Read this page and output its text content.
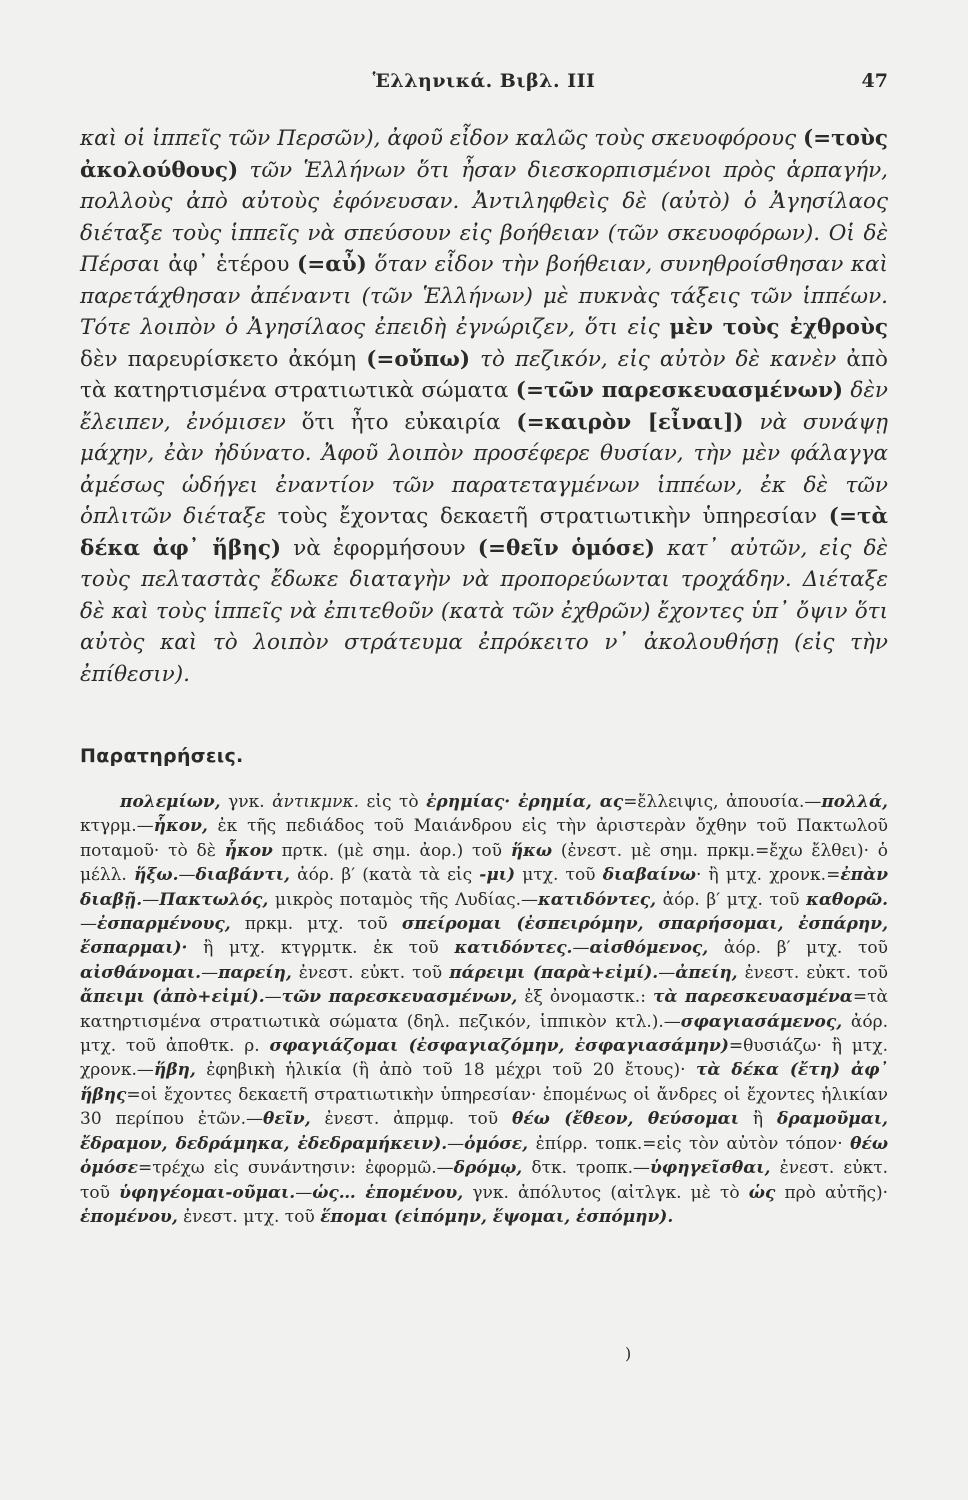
Ἑλληνικά. Βιβλ. ΙΙΙ	47
καὶ οἱ ἱππεῖς τῶν Περσῶν), ἀφοῦ εἶδον καλῶς τοὺς σκευοφόρους (=τοὺς ἀκολούθους) τῶν Ἑλλήνων ὅτι ἦσαν διεσκορπισμένοι πρὸς ἁρπαγήν, πολλοὺς ἀπὸ αὐτοὺς ἐφόνευσαν. Ἀντιληφθεὶς δὲ (αὐτὸ) ὁ Ἀγησίλαος διέταξε τοὺς ἱππεῖς νὰ σπεύσουν εἰς βοήθειαν (τῶν σκευοφόρων). Οἱ δὲ Πέρσαι ἀφ᾿ ἑτέρου (=αὖ) ὅταν εἶδον τὴν βοήθειαν, συνηθροίσθησαν καὶ παρετάχθησαν ἀπέναντι (τῶν Ἑλλήνων) μὲ πυκνὰς τάξεις τῶν ἱππέων. Τότε λοιπὸν ὁ Ἀγησίλαος ἐπειδὴ ἐγνώριζεν, ὅτι εἰς μὲν τοὺς ἐχθροὺς δὲν παρευρίσκετο ἀκόμη (=οὔπω) τὸ πεζικόν, εἰς αὐτὸν δὲ κανὲν ἀπὸ τὰ κατηρτισμένα στρατιωτικὰ σώματα (=τῶν παρεσκευασμένων) δὲν ἔλειπεν, ἐνόμισεν ὅτι ἦτο εὐκαιρία (=καιρὸν [εἶναι]) νὰ συνάψῃ μάχην, ἐὰν ἠδύνατο. Ἀφοῦ λοιπὸν προσέφερε θυσίαν, τὴν μὲν φάλαγγα ἀμέσως ὡδήγει ἐναντίον τῶν παρατεταγμένων ἱππέων, ἐκ δὲ τῶν ὁπλιτῶν διέταξε τοὺς ἔχοντας δεκαετῆ στρατιωτικὴν ὑπηρεσίαν (=τὰ δέκα ἀφ᾿ ἥβης) νὰ ἐφορμήσουν (=θεῖν ὁμόσε) κατ᾿ αὐτῶν, εἰς δὲ τοὺς πελταστὰς ἔδωκε διαταγὴν νὰ προπορεύωνται τροχάδην. Διέταξε δὲ καὶ τοὺς ἱππεῖς νὰ ἐπιτεθοῦν (κατὰ τῶν ἐχθρῶν) ἔχοντες ὑπ᾿ ὄψιν ὅτι αὐτὸς καὶ τὸ λοιπὸν στράτευμα ἐπρόκειτο ν᾿ ἀκολουθήσῃ (εἰς τὴν ἐπίθεσιν).
Παρατηρήσεις.
πολεμίων, γνκ. ἀντικμνκ. εἰς τὸ ἐρημίας· ἐρημία, ας=ἔλλειψις, ἀπουσία.—πολλά, κτγρμ.—ἧκον, ἐκ τῆς πεδιάδος τοῦ Μαιάνδρου εἰς τὴν ἀριστερὰν ὄχθην τοῦ Πακτωλοῦ ποταμοῦ· τὸ δὲ ἧκον πρτκ. (μὲ σημ. ἀορ.) τοῦ ἥκω (ἐνεστ. μὲ σημ. πρκμ.=ἔχω ἔλθει)· ὁ μέλλ. ἥξω.—διαβάντι, ἀόρ. β′ (κατὰ τὰ εἰς -μι) μτχ. τοῦ διαβαίνω· ἢ μτχ. χρονκ.=ἐπὰν διαβῇ.—Πακτωλός, μικρὸς ποταμὸς τῆς Λυδίας.—κατιδόντες, ἀόρ. β′ μτχ. τοῦ καθορῶ.—ἐσπαρμένους, πρκμ. μτχ. τοῦ σπείρομαι (ἐσπειρόμην, σπαρήσομαι, ἐσπάρην, ἔσπαρμαι)· ἢ μτχ. κτγρμτκ. ἐκ τοῦ κατιδόντες.—αἰσθόμενος, ἀόρ. β′ μτχ. τοῦ αἰσθάνομαι.—παρείη, ἐνεστ. εὐκτ. τοῦ πάρειμι (παρὰ+εἰμί).—ἀπείη, ἐνεστ. εὐκτ. τοῦ ἄπειμι (ἀπὸ+εἰμί).—τῶν παρεσκευασμένων, ἐξ ὀνομαστκ.: τὰ παρεσκευασμένα=τὰ κατηρτισμένα στρατιωτικὰ σώματα (δηλ. πεζικόν, ἱππικὸν κτλ.).—σφαγιασάμενος, ἀόρ. μτχ. τοῦ ἀποθτκ. ρ. σφαγιάζομαι (ἐσφαγιαζόμην, ἐσφαγιασάμην)=θυσιάζω· ἢ μτχ. χρονκ.—ἥβη, ἐφηβικὴ ἡλικία (ἢ ἀπὸ τοῦ 18 μέχρι τοῦ 20 ἔτους)· τὰ δέκα (ἔτη) ἀφ᾿ ἥβης=οἱ ἔχοντες δεκαετῆ στρατιωτικὴν ὑπηρεσίαν· ἑπομένως οἱ ἄνδρες οἱ ἔχοντες ἡλικίαν 30 περίπου ἐτῶν.—θεῖν, ἐνεστ. ἀπρμφ. τοῦ θέω (ἔθεον, θεύσομαι ἢ δραμοῦμαι, ἔδραμον, δεδράμηκα, ἐδεδραμήκειν).—ὁμόσε, ἐπίρρ. τοπκ.=εἰς τὸν αὐτὸν τόπον· θέω ὁμόσε=τρέχω εἰς συνάντησιν: ἐφορμῶ.—δρόμῳ, δτκ. τροπκ.—ὑφηγεῖσθαι, ἐνεστ. εὐκτ. τοῦ ὑφηγέομαι-οῦμαι.—ὡς… ἑπομένου, γνκ. ἀπόλυτος (αἰτλγκ. μὲ τὸ ὡς πρὸ αὐτῆς)· ἑπομένου, ἐνεστ. μτχ. τοῦ ἕπομαι (εἱπόμην, ἕψομαι, ἑσπόμην).
)
